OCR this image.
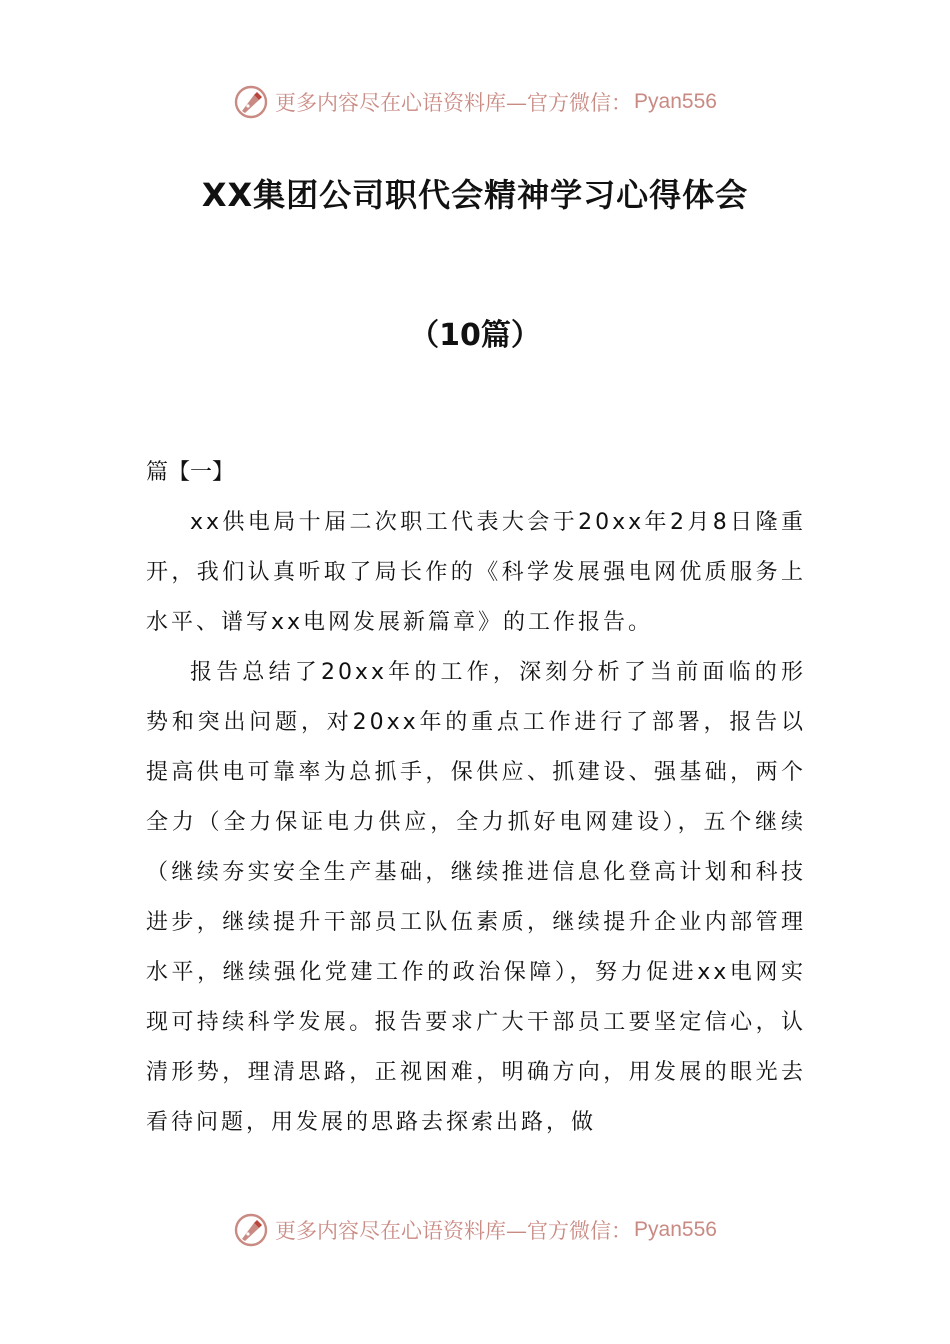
更多内容尽在心语资料库—官方微信： Pyan556
XX集团公司职代会精神学习心得体会
（10篇）

篇【一】

xx供电局十届二次职工代表大会于20xx年2月8日隆重开，我们认真听取了局长作的《科学发展强电网优质服务上水平、谱写xx电网发展新篇章》的工作报告。

报告总结了20xx年的工作，深刻分析了当前面临的形势和突出问题，对20xx年的重点工作进行了部署，报告以提高供电可靠率为总抓手，保供应、抓建设、强基础，两个全力（全力保证电力供应，全力抓好电网建设），五个继续（继续夯实安全生产基础，继续推进信息化登高计划和科技进步，继续提升干部员工队伍素质，继续提升企业内部管理水平，继续强化党建工作的政治保障），努力促进xx电网实现可持续科学发展。报告要求广大干部员工要坚定信心，认清形势，理清思路，正视困难，明确方向，用发展的眼光去看待问题，用发展的思路去探索出路，做

更多内容尽在心语资料库—官方微信： Pyan556
